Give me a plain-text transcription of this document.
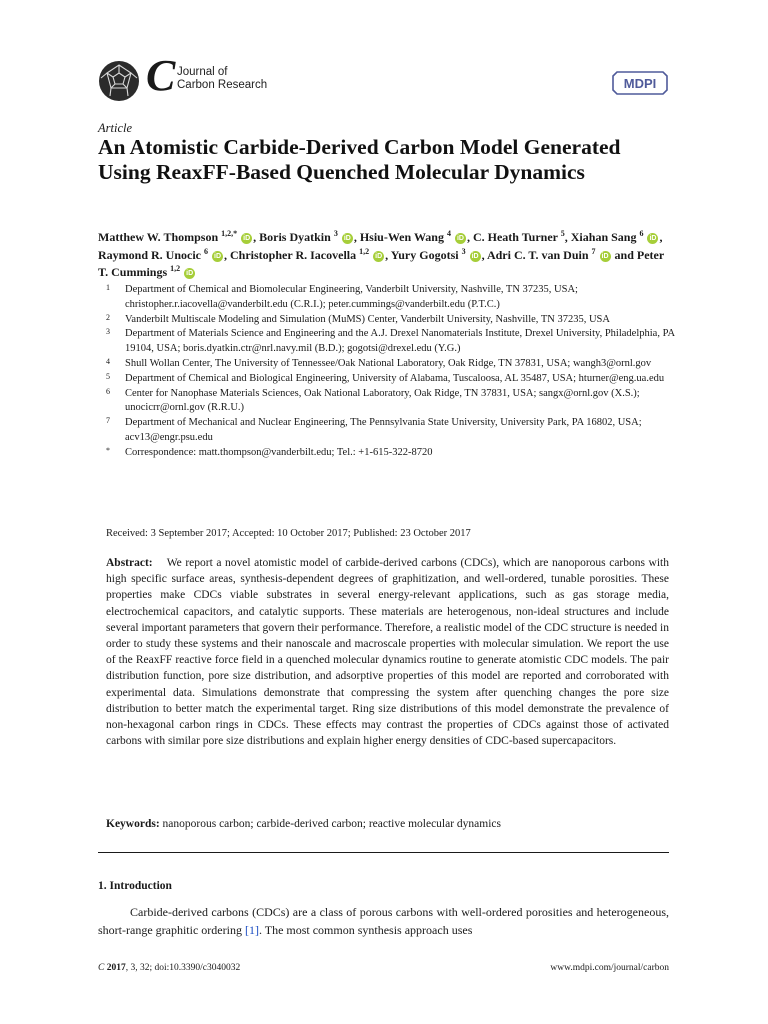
C Journal of
Carbon Research	MDPI
Article
An Atomistic Carbide-Derived Carbon Model Generated Using ReaxFF-Based Quenched Molecular Dynamics
Matthew W. Thompson $^{1,2,*}$ iD , Boris Dyatkin $^3$ iD , Hsiu-Wen Wang $^4$ iD , C. Heath Turner $^5$, Xiahan Sang $^6$ iD , Raymond R. Unocic $^6$ iD , Christopher R. Iacovella $^{1,2}$ iD , Yury Gogotsi $^3$ iD , Adri C. T. van Duin $^7$ iD and Peter T. Cummings $^{1,2}$ iD
1	Department of Chemical and Biomolecular Engineering, Vanderbilt University, Nashville, TN 37235, USA; christopher.r.iacovella@vanderbilt.edu (C.R.I.); peter.cummings@vanderbilt.edu (P.T.C.)
2	Vanderbilt Multiscale Modeling and Simulation (MuMS) Center, Vanderbilt University, Nashville, TN 37235, USA
3	Department of Materials Science and Engineering and the A.J. Drexel Nanomaterials Institute, Drexel University, Philadelphia, PA 19104, USA; boris.dyatkin.ctr@nrl.navy.mil (B.D.); gogotsi@drexel.edu (Y.G.)
4	Shull Wollan Center, The University of Tennessee/Oak National Laboratory, Oak Ridge, TN 37831, USA; wangh3@ornl.gov
5	Department of Chemical and Biological Engineering, University of Alabama, Tuscaloosa, AL 35487, USA; hturner@eng.ua.edu
6	Center for Nanophase Materials Sciences, Oak National Laboratory, Oak Ridge, TN 37831, USA; sangx@ornl.gov (X.S.); unocicrr@ornl.gov (R.R.U.)
7	Department of Mechanical and Nuclear Engineering, The Pennsylvania State University, University Park, PA 16802, USA; acv13@engr.psu.edu
*	Correspondence: matt.thompson@vanderbilt.edu; Tel.: +1-615-322-8720
Received: 3 September 2017; Accepted: 10 October 2017; Published: 23 October 2017
Abstract: We report a novel atomistic model of carbide-derived carbons (CDCs), which are nanoporous carbons with high specific surface areas, synthesis-dependent degrees of graphitization, and well-ordered, tunable porosities. These properties make CDCs viable substrates in several energy-relevant applications, such as gas storage media, electrochemical capacitors, and catalytic supports. These materials are heterogenous, non-ideal structures and include several important parameters that govern their performance. Therefore, a realistic model of the CDC structure is needed in order to study these systems and their nanoscale and macroscale properties with molecular simulation. We report the use of the ReaxFF reactive force field in a quenched molecular dynamics routine to generate atomistic CDC models. The pair distribution function, pore size distribution, and adsorptive properties of this model are reported and corroborated with experimental data. Simulations demonstrate that compressing the system after quenching changes the pore size distribution to better match the experimental target. Ring size distributions of this model demonstrate the prevalence of non-hexagonal carbon rings in CDCs. These effects may contrast the properties of CDCs against those of activated carbons with similar pore size distributions and explain higher energy densities of CDC-based supercapacitors.
Keywords: nanoporous carbon; carbide-derived carbon; reactive molecular dynamics
1. Introduction
Carbide-derived carbons (CDCs) are a class of porous carbons with well-ordered porosities and heterogeneous, short-range graphitic ordering [1]. The most common synthesis approach uses
C 2017, 3, 32; doi:10.3390/c3040032	www.mdpi.com/journal/carbon
